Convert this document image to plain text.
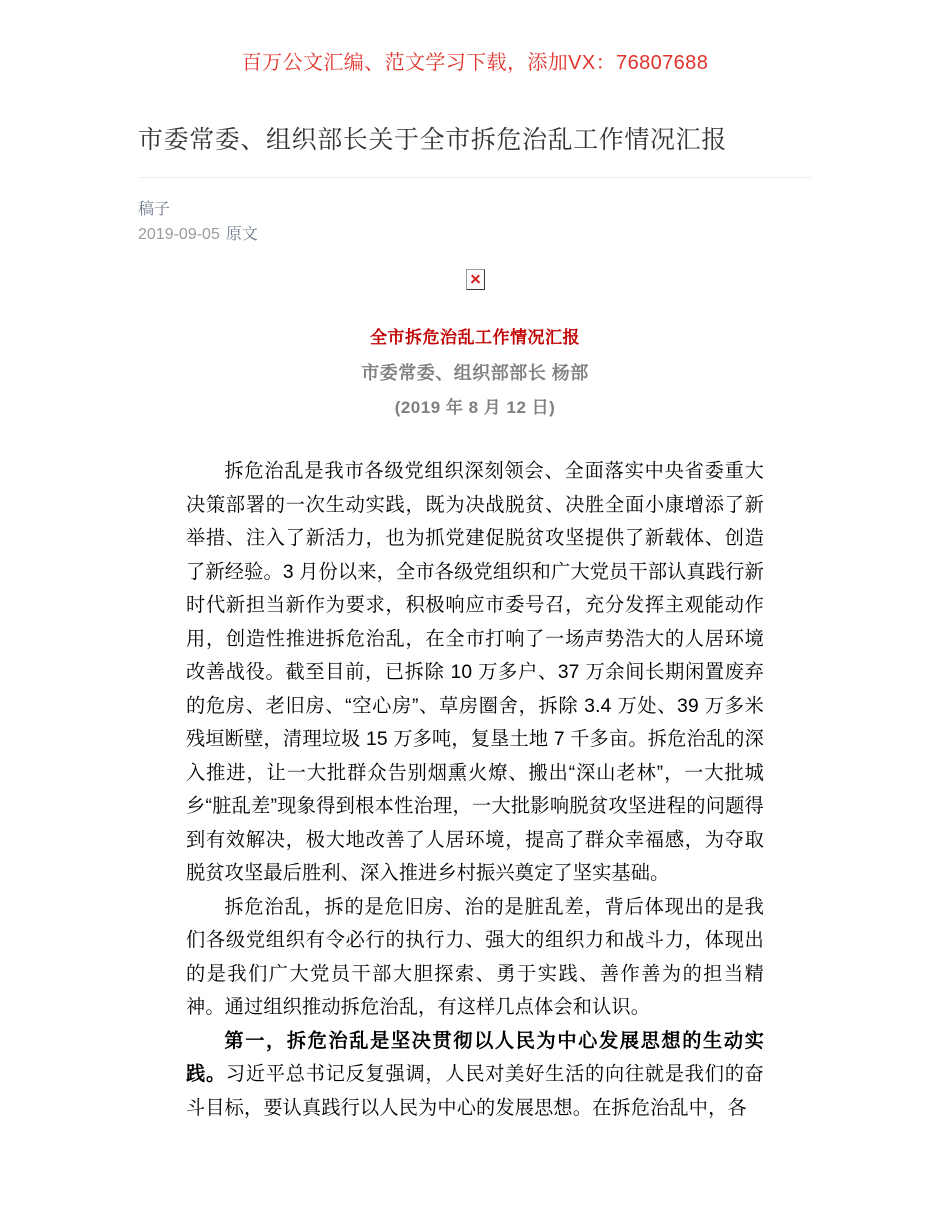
百万公文汇编、范文学习下载，添加VX：76807688
市委常委、组织部长关于全市拆危治乱工作情况汇报
稿子
2019-09-05 原文
全市拆危治乱工作情况汇报
市委常委、组织部部长 杨部
(2019 年 8 月 12 日)

拆危治乱是我市各级党组织深刻领会、全面落实中央省委重大决策部署的一次生动实践，既为决战脱贫、决胜全面小康增添了新举措、注入了新活力，也为抓党建促脱贫攻坚提供了新载体、创造了新经验。3 月份以来，全市各级党组织和广大党员干部认真践行新时代新担当新作为要求，积极响应市委号召，充分发挥主观能动作用，创造性推进拆危治乱，在全市打响了一场声势浩大的人居环境改善战役。截至目前，已拆除 10 万多户、37 万余间长期闲置废弃的危房、老旧房、“空心房”、草房圈舍，拆除 3.4 万处、39 万多米残垣断壁，清理垃圾 15 万多吨，复垦土地 7 千多亩。拆危治乱的深入推进，让一大批群众告别烟熏火燎、搬出“深山老林”，一大批城乡“脏乱差”现象得到根本性治理，一大批影响脱贫攻坚进程的问题得到有效解决，极大地改善了人居环境，提高了群众幸福感，为夺取脱贫攻坚最后胜利、深入推进乡村振兴奠定了坚实基础。

拆危治乱，拆的是危旧房、治的是脏乱差，背后体现出的是我们各级党组织有令必行的执行力、强大的组织力和战斗力，体现出的是我们广大党员干部大胆探索、勇于实践、善作善为的担当精神。通过组织推动拆危治乱，有这样几点体会和认识。

第一，拆危治乱是坚决贯彻以人民为中心发展思想的生动实践。习近平总书记反复强调，人民对美好生活的向往就是我们的奋斗目标，要认真践行以人民为中心的发展思想。在拆危治乱中，各
